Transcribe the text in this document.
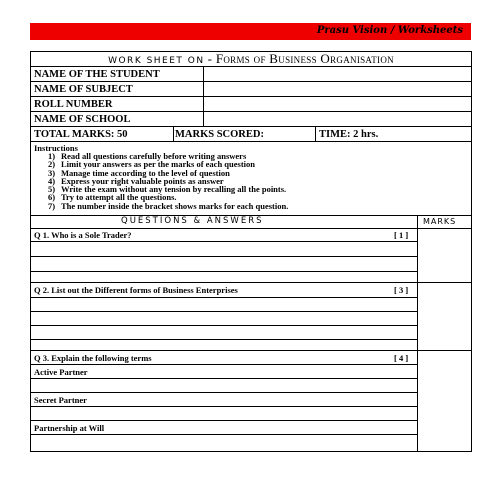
Prasu Vision / Worksheets
WORK SHEET ON - Forms of Business Organisation
NAME OF THE STUDENT
NAME OF SUBJECT
ROLL NUMBER
NAME OF SCHOOL
TOTAL MARKS: 50	MARKS SCORED:	TIME: 2 hrs.
Instructions
1) Read all questions carefully before writing answers
2) Limit your answers as per the marks of each question
3) Manage time according to the level of question
4) Express your right valuable points as answer
5) Write the exam without any tension by recalling all the points.
6) Try to attempt all the questions.
7) The number inside the bracket shows marks for each question.
QUESTIONS & ANSWERS	MARKS
Q 1. Who is a Sole Trader?	[ 1 ]
Q 2. List out the Different forms of Business Enterprises	[ 3 ]
Q 3. Explain the following terms	[ 4 ]
Active Partner
Secret Partner
Partnership at Will
